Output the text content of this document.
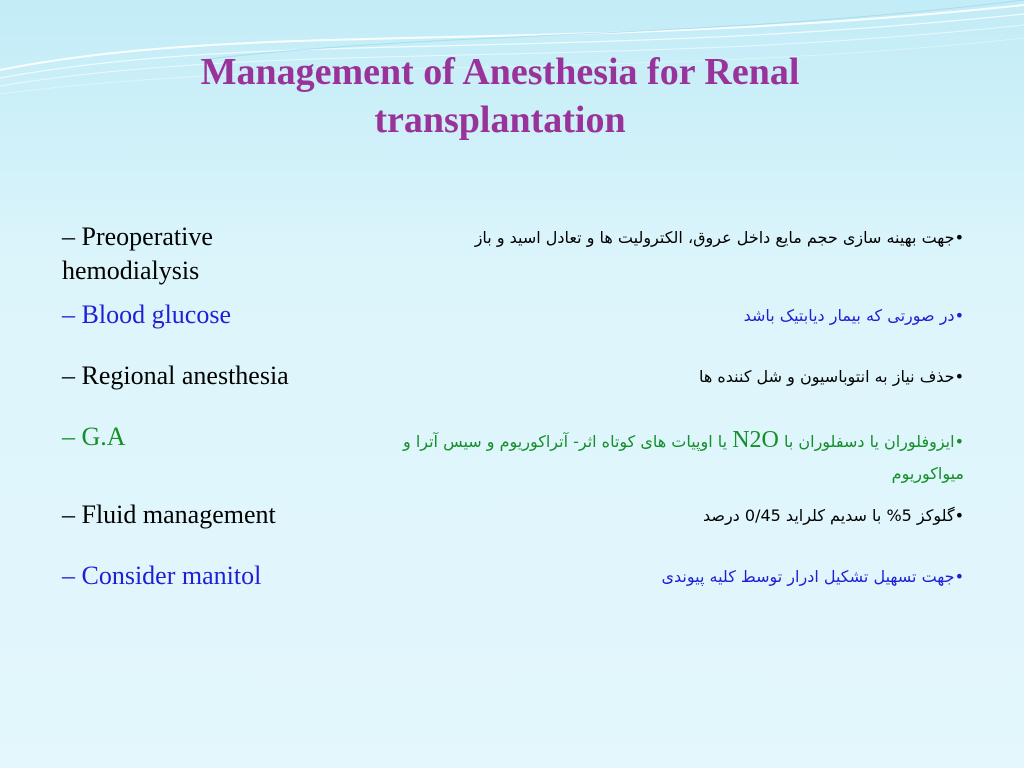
Management of Anesthesia for Renal
transplantation
– Preoperative
hemodialysis
•جهت بهینه سازی حجم مایع داخل عروق، الکترولیت ها و تعادل اسید و باز
– Blood glucose	•در صورتی که بیمار دیابتیک باشد
– Regional anesthesia	•حذف نیاز به انتوباسیون و شل کننده ها
– G.A	•ایزوفلوران یا دسفلوران با N2O یا اوپیات های کوتاه اثر- آتراکوریوم و سیس آترا و میواکوریوم
– Fluid management	•گلوکز 5% با سدیم کلراید 0/45 درصد
– Consider manitol	•جهت تسهیل تشکیل ادرار توسط کلیه پیوندی
